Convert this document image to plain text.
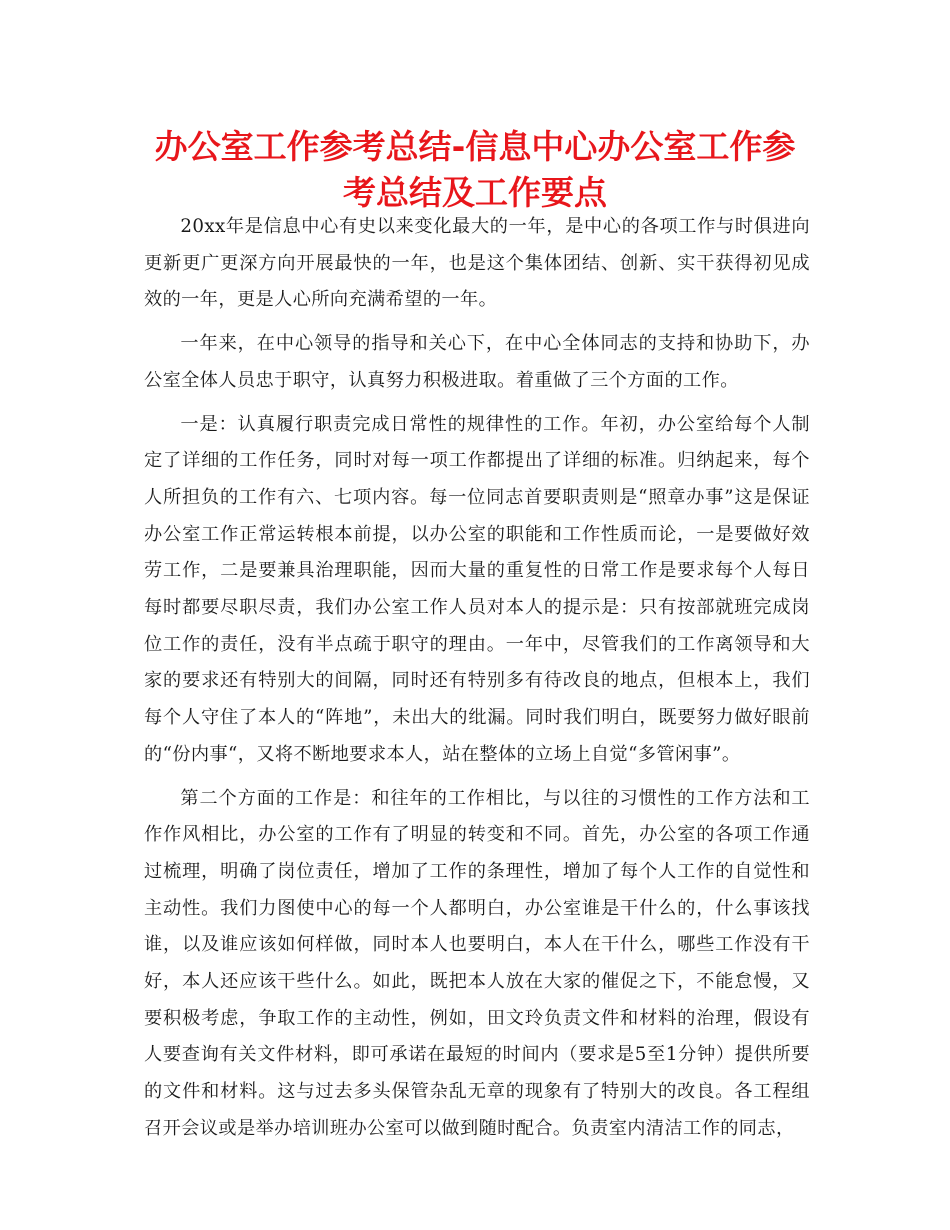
办公室工作参考总结-信息中心办公室工作参考总结及工作要点

20xx年是信息中心有史以来变化最大的一年，是中心的各项工作与时俱进向更新更广更深方向开展最快的一年，也是这个集体团结、创新、实干获得初见成效的一年，更是人心所向充满希望的一年。

一年来，在中心领导的指导和关心下，在中心全体同志的支持和协助下，办公室全体人员忠于职守，认真努力积极进取。着重做了三个方面的工作。

一是：认真履行职责完成日常性的规律性的工作。年初，办公室给每个人制定了详细的工作任务，同时对每一项工作都提出了详细的标准。归纳起来，每个人所担负的工作有六、七项内容。每一位同志首要职责则是“照章办事”这是保证办公室工作正常运转根本前提，以办公室的职能和工作性质而论，一是要做好效劳工作，二是要兼具治理职能，因而大量的重复性的日常工作是要求每个人每日每时都要尽职尽责，我们办公室工作人员对本人的提示是：只有按部就班完成岗位工作的责任，没有半点疏于职守的理由。一年中，尽管我们的工作离领导和大家的要求还有特别大的间隔，同时还有特别多有待改良的地点，但根本上，我们每个人守住了本人的“阵地”，未出大的纰漏。同时我们明白，既要努力做好眼前的“份内事“，又将不断地要求本人，站在整体的立场上自觉“多管闲事”。

第二个方面的工作是：和往年的工作相比，与以往的习惯性的工作方法和工作作风相比，办公室的工作有了明显的转变和不同。首先，办公室的各项工作通过梳理，明确了岗位责任，增加了工作的条理性，增加了每个人工作的自觉性和主动性。我们力图使中心的每一个人都明白，办公室谁是干什么的，什么事该找谁，以及谁应该如何样做，同时本人也要明白，本人在干什么，哪些工作没有干好，本人还应该干些什么。如此，既把本人放在大家的催促之下，不能怠慢，又要积极考虑，争取工作的主动性，例如，田文玲负责文件和材料的治理，假设有人要查询有关文件材料，即可承诺在最短的时间内（要求是5至1分钟）提供所要的文件和材料。这与过去多头保管杂乱无章的现象有了特别大的改良。各工程组召开会议或是举办培训班办公室可以做到随时配合。负责室内清洁工作的同志，
